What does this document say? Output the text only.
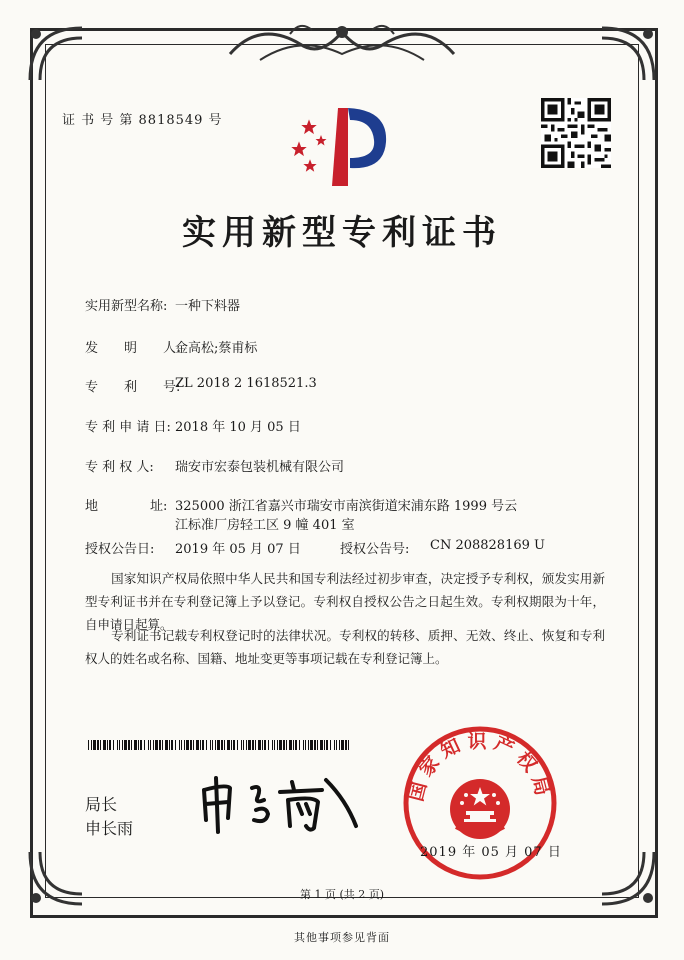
证 书 号 第 8818549 号
实用新型专利证书
实用新型名称: 一种下料器
发　　明　　人:
金高松;蔡甫标
专　　利　　号:
ZL 2018 2 1618521.3
专 利 申 请 日: 2018 年 10 月 05 日
专 利 权 人: 瑞安市宏泰包装机械有限公司
地　　　　址: 325000 浙江省嘉兴市瑞安市南滨街道宋浦东路 1999 号云
江标准厂房轻工区 9 幢 401 室
授权公告日: 2019 年 05 月 07 日	授权公告号: CN 208828169 U
国家知识产权局依照中华人民共和国专利法经过初步审查，决定授予专利权，颁发实用新型专利证书并在专利登记簿上予以登记。专利权自授权公告之日起生效。专利权期限为十年，自申请日起算。
专利证书记载专利权登记时的法律状况。专利权的转移、质押、无效、终止、恢复和专利权人的姓名或名称、国籍、地址变更等事项记载在专利登记簿上。
局长
申长雨
国家知识产权局
2019 年 05 月 07 日
第 1 页 (共 2 页)
其他事项参见背面
